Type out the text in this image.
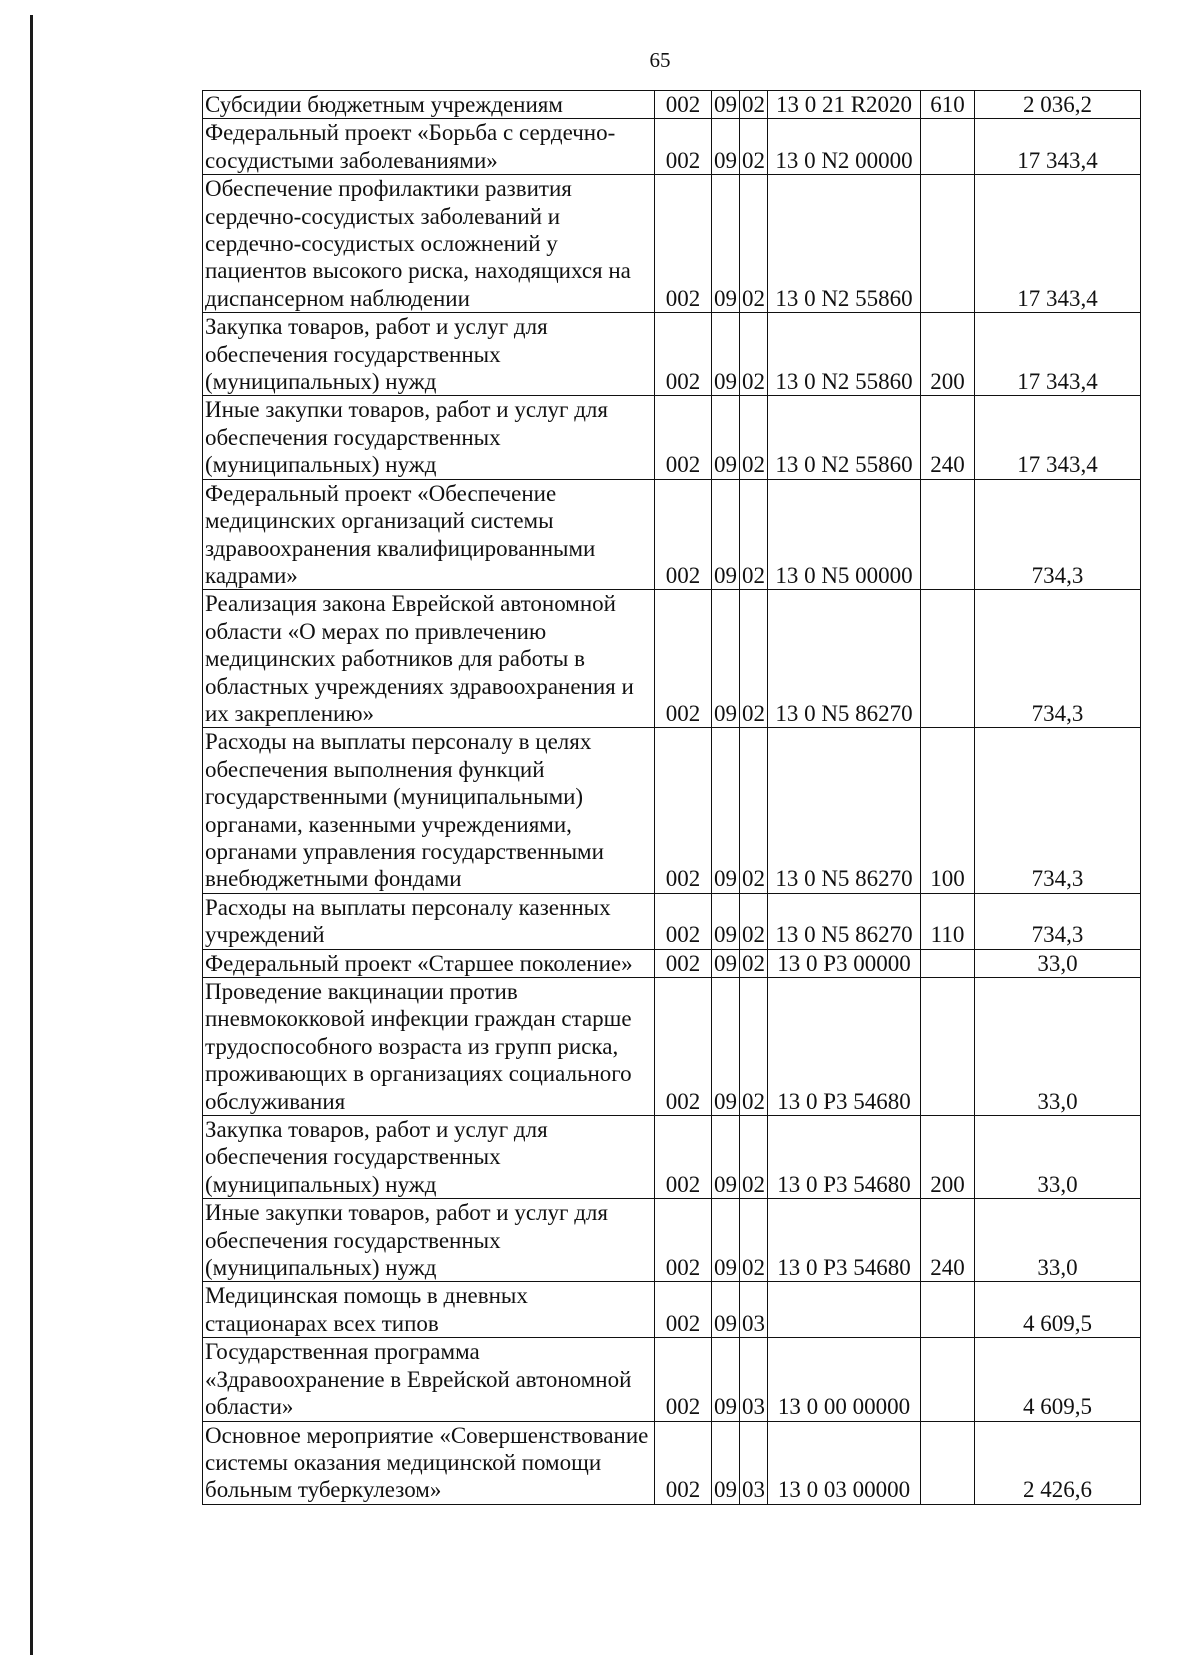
65
Субсидии бюджетным учреждениям	002	09	02	13 0 21 R2020	610	2 036,2
Федеральный проект «Борьба с сердечно-сосудистыми заболеваниями»	002	09	02	13 0 N2 00000		17 343,4
Обеспечение профилактики развития сердечно-сосудистых заболеваний и сердечно-сосудистых осложнений у пациентов высокого риска, находящихся на диспансерном наблюдении	002	09	02	13 0 N2 55860		17 343,4
Закупка товаров, работ и услуг для обеспечения государственных (муниципальных) нужд	002	09	02	13 0 N2 55860	200	17 343,4
Иные закупки товаров, работ и услуг для обеспечения государственных (муниципальных) нужд	002	09	02	13 0 N2 55860	240	17 343,4
Федеральный проект «Обеспечение медицинских организаций системы здравоохранения квалифицированными кадрами»	002	09	02	13 0 N5 00000		734,3
Реализация закона Еврейской автономной области «О мерах по привлечению медицинских работников для работы в областных учреждениях здравоохранения и их закреплению»	002	09	02	13 0 N5 86270		734,3
Расходы на выплаты персоналу в целях обеспечения выполнения функций государственными (муниципальными) органами, казенными учреждениями, органами управления государственными внебюджетными фондами	002	09	02	13 0 N5 86270	100	734,3
Расходы на выплаты персоналу казенных учреждений	002	09	02	13 0 N5 86270	110	734,3
Федеральный проект «Старшее поколение»	002	09	02	13 0 P3 00000		33,0
Проведение вакцинации против пневмококковой инфекции граждан старше трудоспособного возраста из групп риска, проживающих в организациях социального обслуживания	002	09	02	13 0 P3 54680		33,0
Закупка товаров, работ и услуг для обеспечения государственных (муниципальных) нужд	002	09	02	13 0 P3 54680	200	33,0
Иные закупки товаров, работ и услуг для обеспечения государственных (муниципальных) нужд	002	09	02	13 0 P3 54680	240	33,0
Медицинская помощь в дневных стационарах всех типов	002	09	03			4 609,5
Государственная программа «Здравоохранение в Еврейской автономной области»	002	09	03	13 0 00 00000		4 609,5
Основное мероприятие «Совершенствование системы оказания медицинской помощи больным туберкулезом»	002	09	03	13 0 03 00000		2 426,6
